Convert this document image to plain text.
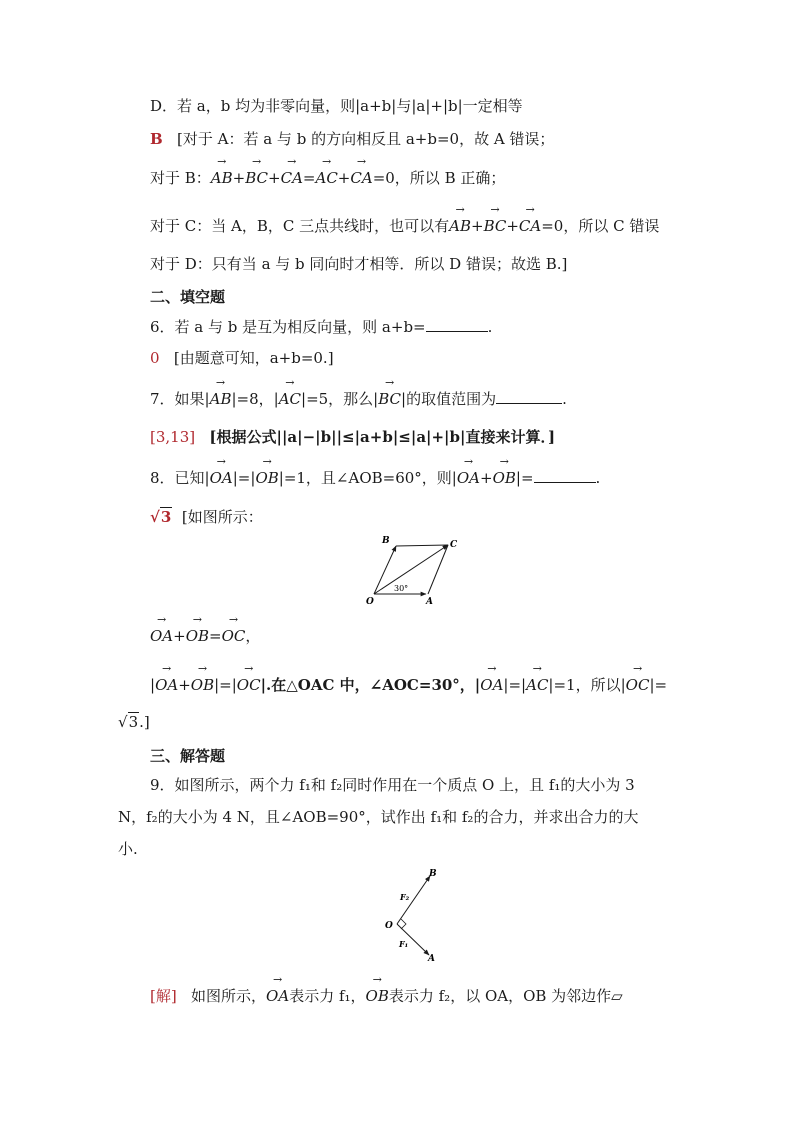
D．若 a，b 均为非零向量，则|a+b|与|a|+|b|一定相等
B [对于 A：若 a 与 b 的方向相反且 a+b=0，故 A 错误；
对于 B：→ AB+→ BC+→ CA=→ AC+→ CA=0，所以 B 正确；
对于 C：当 A，B，C 三点共线时，也可以有→ AB+→ BC+→ CA=0，所以 C 错误
对于 D：只有当 a 与 b 同向时才相等．所以 D 错误；故选 B.]
二、填空题
6．若 a 与 b 是互为相反向量，则 a+b=	.
0 [由题意可知，a+b=0.]
7．如果|→ AB|=8，|→ AC|=5，那么|→ BC|的取值范围为	.
[3,13] [根据公式||a|−|b||≤|a+b|≤|a|+|b|直接来计算．]
8．已知|→ OA|=|→ OB|=1，且∠AOB=60°，则|→ OA+→ OB|=	.
√3 [如图所示：
B	C
O	A
30°
→ OA+→ OB=→ OC，
|→ OA+→ OB|=|→ OC|.在△OAC 中，∠AOC=30°，|→ OA|=|→ AC|=1，所以|→ OC|=
√3.]
三、解答题
9．如图所示，两个力 f₁和 f₂同时作用在一个质点 O 上，且 f₁的大小为 3
N，f₂的大小为 4 N，且∠AOB=90°，试作出 f₁和 f₂的合力，并求出合力的大
小.
B
O
A
F₂
F₁
[解] 如图所示，→ OA表示力 f₁，→ OB表示力 f₂，以 OA，OB 为邻边作▱
